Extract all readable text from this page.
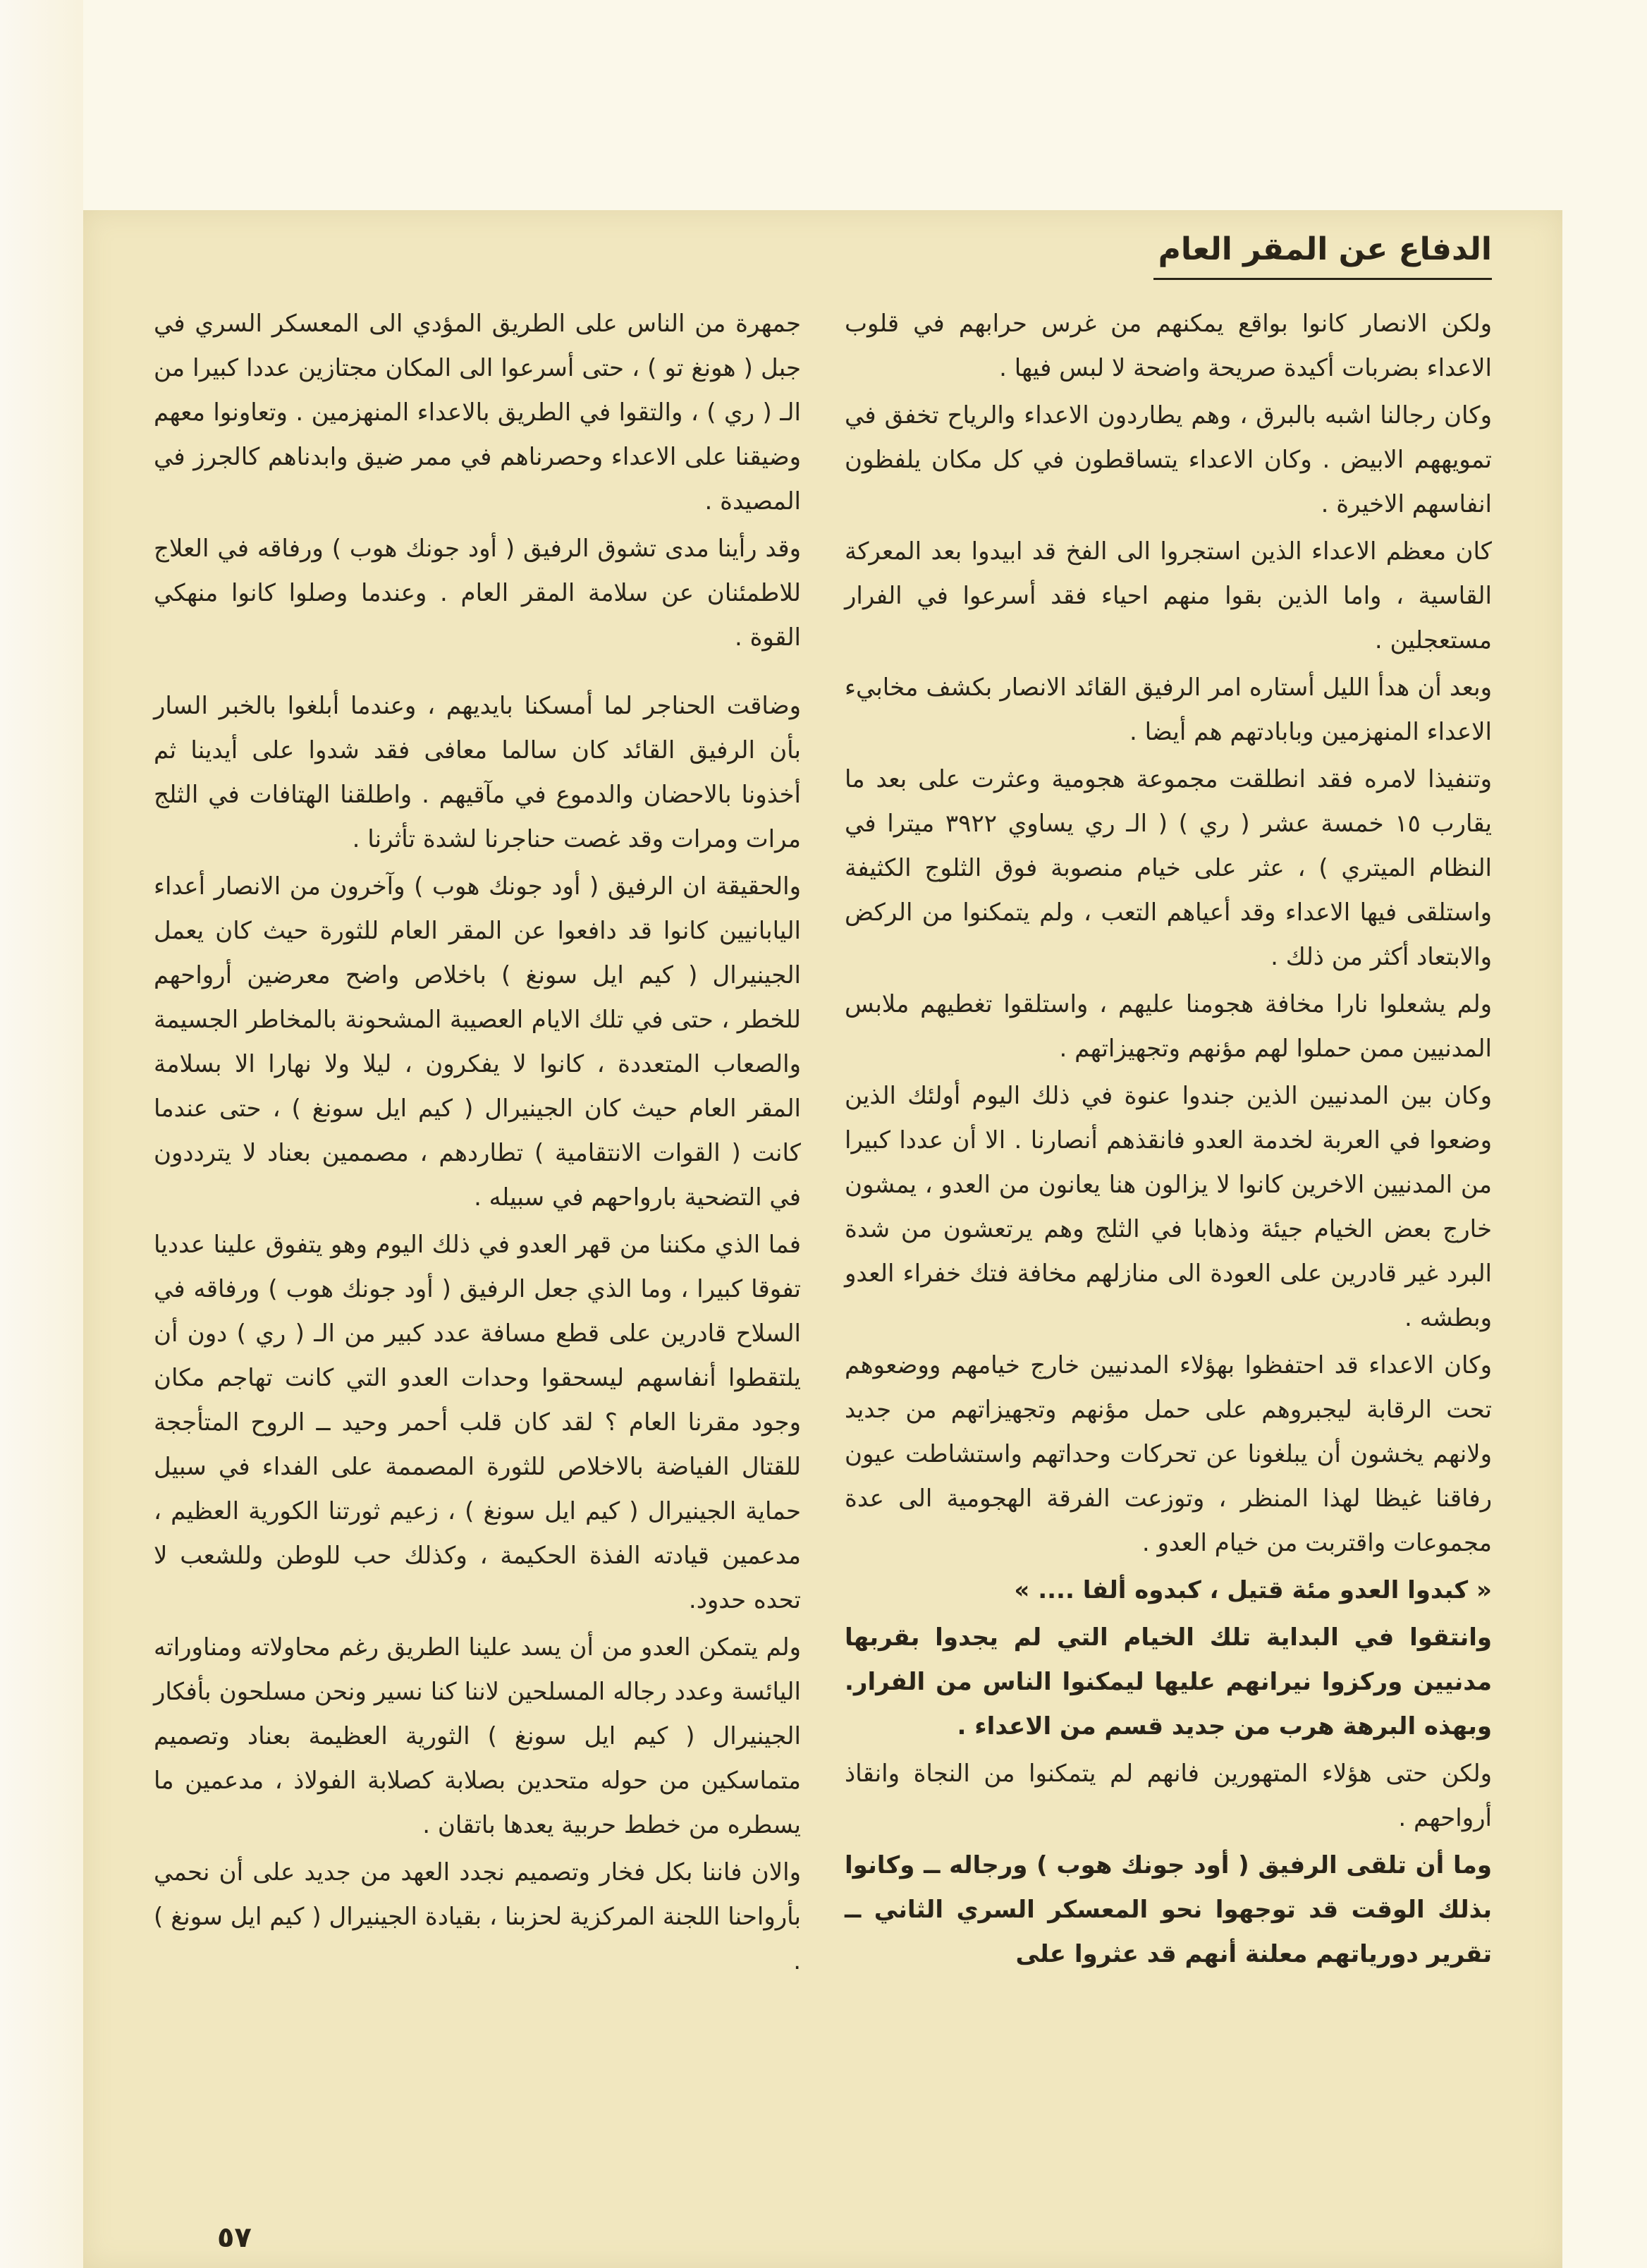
الدفاع عن المقر العام

ولكن الانصار كانوا بواقع يمكنهم من غرس حرابهم في قلوب الاعداء بضربات أكيدة صريحة واضحة لا لبس فيها .

وكان رجالنا اشبه بالبرق ، وهم يطاردون الاعداء والرياح تخفق في تمويههم الابيض . وكان الاعداء يتساقطون في كل مكان يلفظون انفاسهم الاخيرة .

كان معظم الاعداء الذين استجروا الى الفخ قد ابيدوا بعد المعركة القاسية ، واما الذين بقوا منهم احياء فقد أسرعوا في الفرار مستعجلين .

وبعد أن هدأ الليل أستاره امر الرفيق القائد الانصار بكشف مخابيء الاعداء المنهزمين وبابادتهم هم أيضا .

وتنفيذا لامره فقد انطلقت مجموعة هجومية وعثرت على بعد ما يقارب ١٥ خمسة عشر ( ري ) ( الـ ري يساوي ٣٩٢٢ ميترا في النظام الميتري ) ، عثر على خيام منصوبة فوق الثلوج الكثيفة واستلقى فيها الاعداء وقد أعياهم التعب ، ولم يتمكنوا من الركض والابتعاد أكثر من ذلك .

ولم يشعلوا نارا مخافة هجومنا عليهم ، واستلقوا تغطيهم ملابس المدنيين ممن حملوا لهم مؤنهم وتجهيزاتهم .

وكان بين المدنيين الذين جندوا عنوة في ذلك اليوم أولئك الذين وضعوا في العربة لخدمة العدو فانقذهم أنصارنا . الا أن عددا كبيرا من المدنيين الاخرين كانوا لا يزالون هنا يعانون من العدو ، يمشون خارج بعض الخيام جيئة وذهابا في الثلج وهم يرتعشون من شدة البرد غير قادرين على العودة الى منازلهم مخافة فتك خفراء العدو وبطشه .

وكان الاعداء قد احتفظوا بهؤلاء المدنيين خارج خيامهم ووضعوهم تحت الرقابة ليجبروهم على حمل مؤنهم وتجهيزاتهم من جديد ولانهم يخشون أن يبلغونا عن تحركات وحداتهم واستشاطت عيون رفاقنا غيظا لهذا المنظر ، وتوزعت الفرقة الهجومية الى عدة مجموعات واقتربت من خيام العدو .

« كبدوا العدو مئة قتيل ، كبدوه ألفا .... »

وانتقوا في البداية تلك الخيام التي لم يجدوا بقربها مدنيين وركزوا نيرانهم عليها ليمكنوا الناس من الفرار. وبهذه البرهة هرب من جديد قسم من الاعداء .

ولكن حتى هؤلاء المتهورين فانهم لم يتمكنوا من النجاة وانقاذ أرواحهم .

وما أن تلقى الرفيق ( أود جونك هوب ) ورجاله ــ وكانوا بذلك الوقت قد توجهوا نحو المعسكر السري الثاني ــ تقرير دورياتهم معلنة أنهم قد عثروا على

جمهرة من الناس على الطريق المؤدي الى المعسكر السري في جبل ( هونغ تو ) ، حتى أسرعوا الى المكان مجتازين عددا كبيرا من الـ ( ري ) ، والتقوا في الطريق بالاعداء المنهزمين . وتعاونوا معهم وضيقنا على الاعداء وحصرناهم في ممر ضيق وابدناهم كالجرز في المصيدة .

وقد رأينا مدى تشوق الرفيق ( أود جونك هوب ) ورفاقه في العلاج للاطمئنان عن سلامة المقر العام . وعندما وصلوا كانوا منهكي القوة .

وضاقت الحناجر لما أمسكنا بايديهم ، وعندما أبلغوا بالخبر السار بأن الرفيق القائد كان سالما معافى فقد شدوا على أيدينا ثم أخذونا بالاحضان والدموع في مآقيهم . واطلقنا الهتافات في الثلج مرات ومرات وقد غصت حناجرنا لشدة تأثرنا .

والحقيقة ان الرفيق ( أود جونك هوب ) وآخرون من الانصار أعداء اليابانيين كانوا قد دافعوا عن المقر العام للثورة حيث كان يعمل الجينيرال ( كيم ايل سونغ ) باخلاص واضح معرضين أرواحهم للخطر ، حتى في تلك الايام العصيبة المشحونة بالمخاطر الجسيمة والصعاب المتعددة ، كانوا لا يفكرون ، ليلا ولا نهارا الا بسلامة المقر العام حيث كان الجينيرال ( كيم ايل سونغ ) ، حتى عندما كانت ( القوات الانتقامية ) تطاردهم ، مصممين بعناد لا يترددون في التضحية بارواحهم في سبيله .

فما الذي مكننا من قهر العدو في ذلك اليوم وهو يتفوق علينا عدديا تفوقا كبيرا ، وما الذي جعل الرفيق ( أود جونك هوب ) ورفاقه في السلاح قادرين على قطع مسافة عدد كبير من الـ ( ري ) دون أن يلتقطوا أنفاسهم ليسحقوا وحدات العدو التي كانت تهاجم مكان وجود مقرنا العام ؟ لقد كان قلب أحمر وحيد ــ الروح المتأججة للقتال الفياضة بالاخلاص للثورة المصممة على الفداء في سبيل حماية الجينيرال ( كيم ايل سونغ ) ، زعيم ثورتنا الكورية العظيم ، مدعمين قيادته الفذة الحكيمة ، وكذلك حب للوطن وللشعب لا تحده حدود.

ولم يتمكن العدو من أن يسد علينا الطريق رغم محاولاته ومناوراته اليائسة وعدد رجاله المسلحين لاننا كنا نسير ونحن مسلحون بأفكار الجينيرال ( كيم ايل سونغ ) الثورية العظيمة بعناد وتصميم متماسكين من حوله متحدين بصلابة كصلابة الفولاذ ، مدعمين ما يسطره من خطط حربية يعدها باتقان .

والان فاننا بكل فخار وتصميم نجدد العهد من جديد على أن نحمي بأرواحنا اللجنة المركزية لحزبنا ، بقيادة الجينيرال ( كيم ايل سونغ ) .

٥٧
